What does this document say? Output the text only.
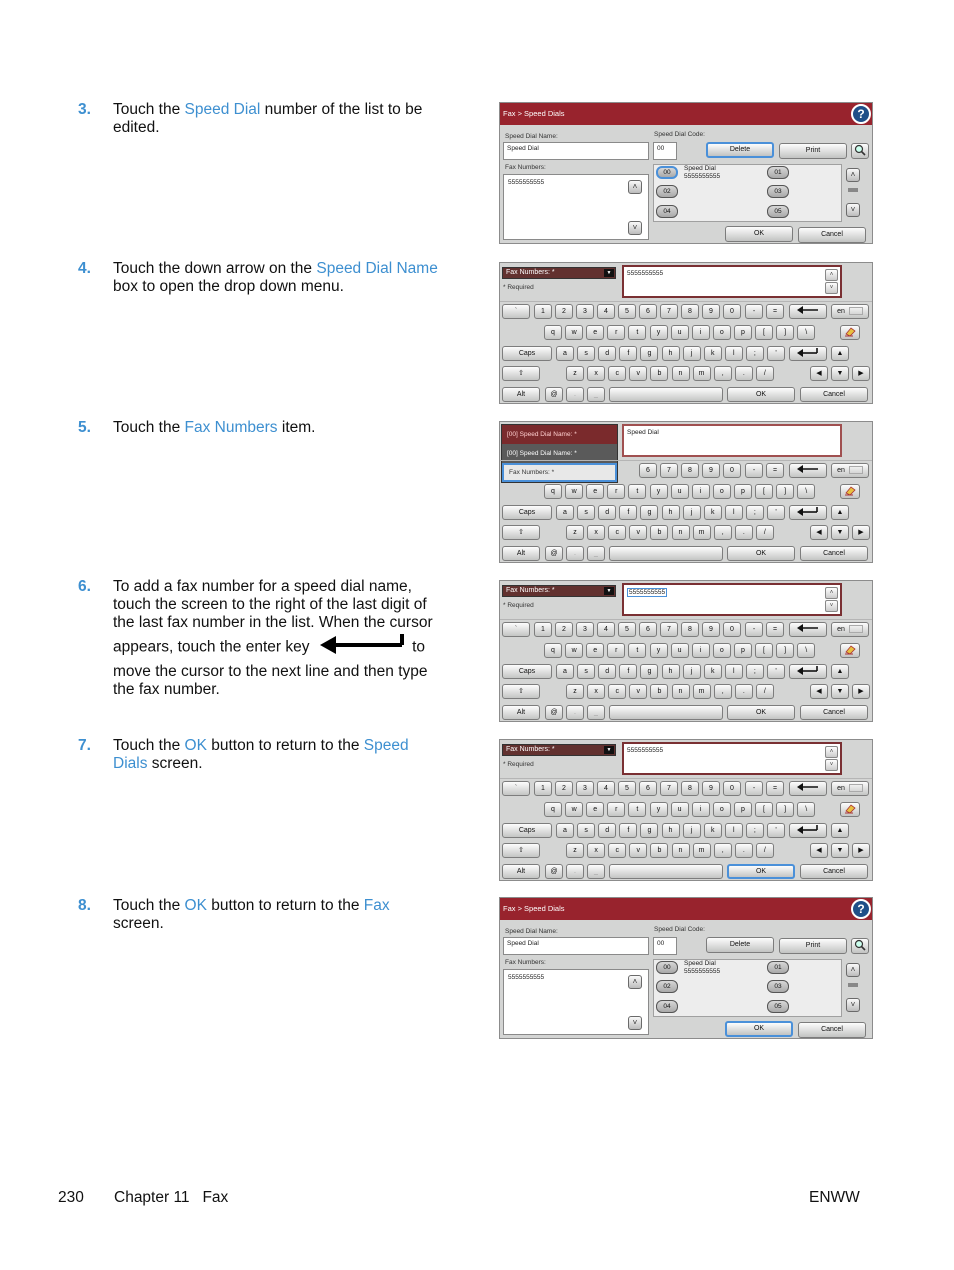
3. Touch the Speed Dial number of the list to be edited.
4. Touch the down arrow on the Speed Dial Name box to open the drop down menu.
5. Touch the Fax Numbers item.
6. To add a fax number for a speed dial name, touch the screen to the right of the last digit of the last fax number in the list. When the cursor appears, touch the enter key	to move the cursor to the next line and then type the fax number.
7. Touch the OK button to return to the Speed Dials screen.
8. Touch the OK button to return to the Fax screen.
Fax > Speed Dials	?
Speed Dial Name:
Speed Dial
Speed Dial Code:
00	Delete	Print
Fax Numbers:
5555555555	˄
˅
00	01
02	03
04	05
Speed Dial
5555555555	˄
˅
OK	Cancel
Fax Numbers: *	▼
* Required
5555555555	˄
˅
`	1	2	3	4	5	6	7	8	9	0	-	=	en
q	w	e	r	t	y	u	i	o	p	[	]	\
Caps	a	s	d	f	g	h	j	k	l	;	'	▲
⇧	z	x	c	v	b	n	m	,	.	/	◀	▼	▶
Alt	@	.	_	OK	Cancel
[00] Speed Dial Name: *
[00] Speed Dial Name: *
Fax Numbers: *
Speed Dial
6	7	8	9	0	-	=	en
q	w	e	r	t	y	u	i	o	p	[	]	\
Caps	a	s	d	f	g	h	j	k	l	;	'	▲
⇧	z	x	c	v	b	n	m	,	.	/	◀	▼	▶
Alt	@	.	_	OK	Cancel
Fax Numbers: *	▼
* Required
5555555555	˄
˅
`	1	2	3	4	5	6	7	8	9	0	-	=	en
q	w	e	r	t	y	u	i	o	p	[	]	\
Caps	a	s	d	f	g	h	j	k	l	;	'	▲
⇧	z	x	c	v	b	n	m	,	.	/	◀	▼	▶
Alt	@	.	_	OK	Cancel
Fax Numbers: *	▼
* Required
5555555555	˄
˅
`	1	2	3	4	5	6	7	8	9	0	-	=	en
q	w	e	r	t	y	u	i	o	p	[	]	\
Caps	a	s	d	f	g	h	j	k	l	;	'	▲
⇧	z	x	c	v	b	n	m	,	.	/	◀	▼	▶
Alt	@	.	_	OK	Cancel
Fax > Speed Dials	?
Speed Dial Name:
Speed Dial
Speed Dial Code:
00	Delete	Print
Fax Numbers:
5555555555	˄
˅
00	01
02	03
04	05
Speed Dial
5555555555	˄
˅
OK	Cancel
230 Chapter 11   Fax	ENWW
